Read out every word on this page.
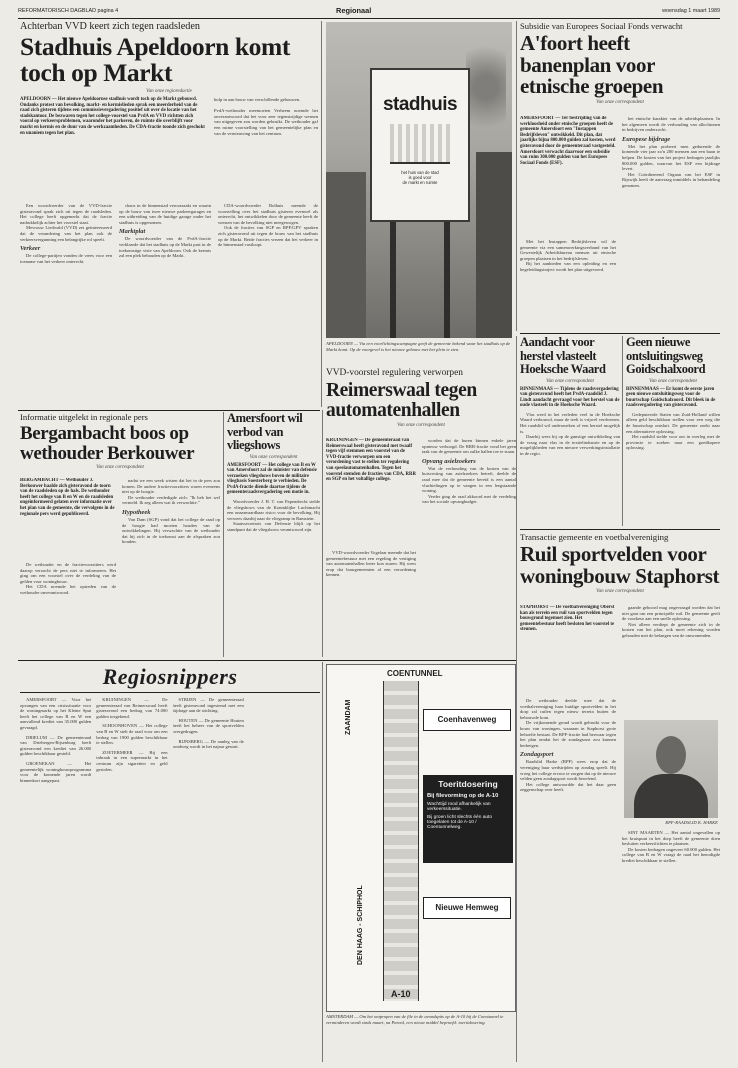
REFORMATORISCH DAGBLAD pagina 4	Regionaal	woensdag 1 maart 1989
Achterban VVD keert zich tegen raadsleden
Stadhuis Apeldoorn komt toch op Markt
Van onze regioredactie
APELDOORN — Het nieuwe Apeldoornse stadhuis wordt toch op de Markt gebouwd. Ondanks protest van bevolking, markt- en kermislieden sprak een meerderheid van de raad zich gisteren tijdens een commissievergadering positief uit over de locatie van het stadskantoor. De bezwaren tegen het college-voorstel van PvdA en VVD richtten zich vooral op verkeersproblemen, waaronder het parkeren, de ruimte die overblijft voor markt en kermis en de duur van de werkzaamheden. De CDA-fractie toonde zich geschokt en unaniem tegen het plan.
hulp in aan bouw van verschillende gebouwen.

PvdA-wethouder meemoeten Verheem noemde het onverantwoord dat het voor zeer tegenstrijdige wensen van uitgegeven zou worden gebruikt. De wethouder gaf een ruime voorstelling van het gemeentelijke plan en van de vernieuwing van het centrum.

Een woordvoerder van de VVD-fractie gisteravond sprak zich uit tegen de raadsleden. Het college heeft opgemerkt dat de fractie nadrukkelijk achter het voorstel staat.

Mevrouw Liedwald (VVD) zei geïnteresseerd dat de verandering van het plan ook de verkeersvergunning een belangrijke rol speelt.

Verkeer

De college-partijen vonden de vrees voor een toename van het verkeer onterecht.

chaos in de binnenstad veroorzaakt en waarin op de bouw van twee nieuwe parkeergarages en een uitbreiding van de huidige garage onder het stadhuis is opgenomen.

Marktplat

De woordvoerder van de PvdA-fractie verklaarde dat het stadhuis op de Markt past in de toekomstige visie van Apeldoorn. Ook de kermis zal een plek behouden op de Markt.

CDA-woordvoerder Bolhuis meende de voorstelling over het stadhuis gisteren evenwel als onterecht, het ontwikkelen door de gemeente heeft de wensen van de bevolking niet meegewogen.

Ook de fracties van SGP en RPF/GPV spraken zich gisteravond uit tegen de bouw van het stadhuis op de Markt. Beide fracties vrezen dat het verkeer in de binnenstad vastloopt.

stadhuis
het huis van de stad
is goed voor
de markt en ruimte
APELDOORN — Via een voorlichtingscampagne geeft de gemeente bekend waar het stadhuis op de Markt komt. Op de voorgevel is het nieuwe gebouw met het plein te zien.
Subsidie van Europees Sociaal Fonds verwacht
A'foort heeft banenplan voor etnische groepen
Van onze correspondent
AMERSFOORT — Ter bestrijding van de werkloosheid onder etnische groepen heeft de gemeente Amersfoort een "Instappen Bedrijfsleven" ontwikkeld. Dit plan, dat jaarlijks bijna 800.000 gulden zal kosten, werd gisteravond door de gemeenteraad vastgesteld. Amersfoort verwacht daarvoor een subsidie van ruim 300.000 gulden van het Europees Sociaal Fonds (ESF).

Met het Instappen Bedrijfsleven wil de gemeente via een samenwerkingsverband van het Gewestelijk Arbeidsbureau mensen uit etnische groepen plaatsen in het bedrijfsleven.

Bij het aanbieden van een opleiding en een begeleidingstraject wordt het plan uitgevoerd.

het etnische karakter van de arbeidsplaatsen. In het algemeen wordt de verhouding van allochtonen in bedrijven onderzocht.

Europese bijdrage

Met het plan probeert men gedurende de komende vier jaar zo'n 200 mensen aan een baan te helpen. De kosten van het project bedragen jaarlijks 800.000 gulden, waarvan het ESF een bijdrage levert.

Het Coördinerend Orgaan van het ESF in Rijswijk heeft de aanvraag inmiddels in behandeling genomen.

Aandacht voor herstel vlasteelt Hoeksche Waard
Van onze correspondent
BINNENMAAS — Tijdens de raadsvergadering van gisteravond heeft het PvdA-raadslid J. Lindt aandacht gevraagd voor het herstel van de oude vlasteelt in de Hoeksche Waard.

Vlas werd in het verleden veel in de Hoeksche Waard verbouwd, maar de teelt is vrijwel verdwenen. Het raadslid wil onderzoeken of een herstel mogelijk is.

Daarbij wees hij op de gunstige ontwikkeling van de vraag naar vlas in de textielindustrie en op de mogelijkheden van een nieuwe verwerkingsinstallatie in de regio.

Geen nieuwe ontsluitingsweg Goidschalxoord
Van onze correspondent
BINNENMAAS — Er komt de eerste jaren geen nieuwe ontsluitingsweg voor de buurtschap Goidschalxoord. Dit bleek in de raadsvergadering van gisteravond.

Gedeputeerde Staten van Zuid-Holland willen alleen geld beschikbaar stellen voor een weg die de buurtschap ontsluit. De gemeente zoekt naar een alternatieve oplossing.

Het raadslid stelde voor om in overleg met de provincie te zoeken naar een goedkopere oplossing.

Informatie uitgelekt in regionale pers
Bergambacht boos op wethouder Berkouwer
Van onze correspondent
BERGAMBACHT — Wethouder J. Berkouwer haalde zich gisteravond de toorn van de raadsleden op de hals. De wethouder heeft het college van B en W en de raadsleden ongeïnformeerd gelaten over informatie over het plan van de gemeente, die vervolgens in de regionale pers werd gepubliceerd.

De wethouder en de fractievoorzitters werd daarop verzocht de pers niet te informeren. Het ging om een voorstel over de verdeling van de gelden voor woningbouw.

Het CDA noemde het optreden van de wethouder onverantwoord.

nadat we een week wisten dat het in de pers zou komen. De andere fractievoorzitters waren eveneens niet op de hoogte.

De wethouder verdedigde zich: "Ik heb het wel vermeld. Ik zeg alleen wat ik verwachtte."

Hypotheek

Van Dam (SGP) vond dat het college de raad op de hoogte had moeten houden van de ontwikkelingen. Hij verwachtte van de wethouder dat hij zich in de toekomst aan de afspraken zou houden.

Amersfoort wil verbod van vliegshows
Van onze correspondent
AMERSFOORT — Het college van B en W van Amersfoort zal de minister van defensie verzoeken vliegshows boven de militaire vliegbasis Soesterberg te verbieden. De PvdA-fractie diende daartoe tijdens de gemeenteraadsvergadering een motie in.

Woordvoerder J. H. T. van Papendrecht stelde de vliegshows van de Koninklijke Luchtmacht een onaanvaardbaar risico voor de bevolking. Hij verwees daarbij naar de vliegramp in Ramstein.

Staatssecretaris van Defensie blijft op het standpunt dat de vliegshows verantwoord zijn.

VVD-voorstel regulering verworpen
Reimerswaal tegen automatenhallen
Van onze correspondent
KRUININGEN — De gemeenteraad van Reimerswaal heeft gisteravond met twaalf tegen vijf stemmen een voorstel van de VVD-fractie verworpen om een verordening vast te stellen ter regulering van speelautomatenhallen. Tegen het voorstel stemden de fracties van CDA, RRR en SGP en het voltallige college.

VVD-woordvoerder Vogelaar meende dat het gemeentebestuur met een regeling de vestiging van automatenhallen beter kon sturen. Hij wees erop dat buurgemeenten al een verordening kennen.

worden dat de huren binnen enkele jaren opnieuw verhoogd. De RRR-fractie vond het geen taak van de gemeente om zulke hallen toe te staan.

Opvang asielzoekers

Wat de verhouding van de kosten van de huisvesting van asielzoekers betreft, deelde de raad mee dat de gemeente bereid is een aantal vluchtelingen op te vangen in een leegstaande woning.

Verder ging de raad akkoord met de verdeling van het sociale opvangbudget.

Transactie gemeente en voetbalvereniging
Ruil sportvelden voor woningbouw Staphorst
Van onze correspondent
STAPHORST — De voetbalvereniging Oberst kan als terrein een ruil van sportvelden tegen bouwgrond tegemoet zien. Het gemeentebestuur heeft besloten het voorstel te steunen.

De wethouder deelde mee dat de voetbalvereniging haar huidige sportvelden in het dorp zal ruilen tegen nieuw terrein buiten de bebouwde kom.

De vrijkomende grond wordt gebruikt voor de bouw van woningen, waaraan in Staphorst grote behoefte bestaat. De RPF-fractie had bezwaar tegen het plan omdat het de zondagsrust zou kunnen bedreigen.

Zondagsport

Raadslid Harke (RPF) wees erop dat de vereniging haar wedstrijden op zondag speelt. Hij vroeg het college ervoor te zorgen dat op de nieuwe velden geen zondagsport wordt beoefend.

Het college antwoordde dat het daar geen zeggenschap over heeft.

gaande gehoord mag ongevraagd worden dat het niet gaat om een principiële ruil. De gemeente geeft de voorkeur aan een snelle oplossing.

Niet alleen verdiept de gemeente zich in de kosten van het plan, ook moet rekening worden gehouden met de belangen van de omwonenden.

RPF-RAADSLID K. HARKE

SINT MAARTEN — Het aantal ongevallen op het kruispunt in het dorp heeft de gemeente doen besluiten verkeerslichten te plaatsen.

De kosten bedragen ongeveer 60.000 gulden. Het college van B en W vraagt de raad het benodigde krediet beschikbaar te stellen.

Regiosnippers

AMERSFOORT — Voor het opvangen van een crisissituatie voor de woningmarkt op het Kleine Spui heeft het college van B en W een aanvullend krediet van 35.000 gulden gevraagd.

DRIELUM — De gemeenteraad van Driebergen-Rijsenburg heeft gisteravond een krediet van 26.000 gulden beschikbaar gesteld.

GROENEKAN — Het gemeentelijk woningbouwprogramma voor de komende jaren wordt binnenkort aangepast.

KRUININGEN — De gemeenteraad van Reimerswaal heeft gisteravond een bedrag van 74.000 gulden toegekend.

SCHOONHOVEN — Het college van B en W stelt de raad voor om een bedrag van 1900 gulden beschikbaar te stellen.

ZOETERMEER — Bij een inbraak in een supermarkt in het centrum zijn sigaretten en geld gestolen.

STRIJEN — De gemeenteraad heeft gisteravond ingestemd met een bijdrage aan de stichting.

HOUTEN — De gemeente Houten heeft het beheer van de sportvelden overgedragen.

RIJNSBERG — De aanleg van de rondweg wordt in het najaar gestart.

COENTUNNEL
ZAANDAM
DEN HAAG - SCHIPHOL
Coenhavenweg
Toeritdosering
Bij filevorming op de A-10
Wachttijd rood afhankelijk van verkeerssituatie.
Bij groen licht slechts één auto toegelaten tot de A-10 / Coentunnelweg.
Nieuwe Hemweg
A-10
AMSTERDAM — Om het ontpropen van de file in de avondspits op de A-10 bij de Coentunnel te verminderen wordt sinds maart, na Parool, een nieuw middel beproefd: toeritdosering.
